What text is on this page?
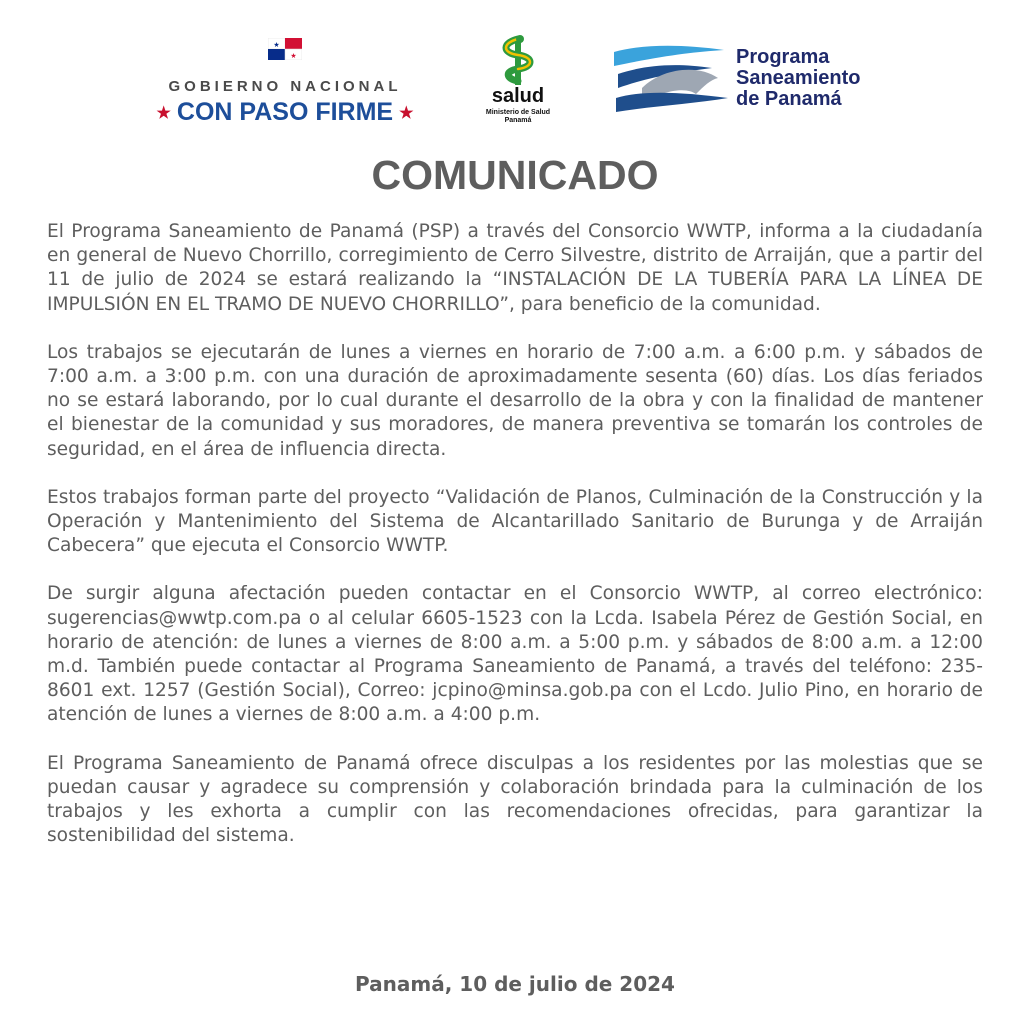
★
★
GOBIERNO NACIONAL
★ CON PASO FIRME ★
salud
Ministerio de Salud
Panamá
Programa
Saneamiento
de Panamá
COMUNICADO

El Programa Saneamiento de Panamá (PSP) a través del Consorcio WWTP, informa a la ciudadanía en general de Nuevo Chorrillo, corregimiento de Cerro Silvestre, distrito de Arraiján, que a partir del 11 de julio de 2024 se estará realizando la “INSTALACIÓN DE LA TUBERÍA PARA LA LÍNEA DE IMPULSIÓN EN EL TRAMO DE NUEVO CHORRILLO”, para beneficio de la comunidad.

Los trabajos se ejecutarán de lunes a viernes en horario de 7:00 a.m. a 6:00 p.m. y sábados de 7:00 a.m. a 3:00 p.m. con una duración de aproximadamente sesenta (60) días. Los días feriados no se estará laborando, por lo cual durante el desarrollo de la obra y con la finalidad de mantener el bienestar de la comunidad y sus moradores, de manera preventiva se tomarán los controles de seguridad, en el área de influencia directa.

Estos trabajos forman parte del proyecto “Validación de Planos, Culminación de la Construcción y la Operación y Mantenimiento del Sistema de Alcantarillado Sanitario de Burunga y de Arraiján Cabecera” que ejecuta el Consorcio WWTP.

De surgir alguna afectación pueden contactar en el Consorcio WWTP, al correo electrónico: sugerencias@wwtp.com.pa o al celular 6605-1523 con la Lcda. Isabela Pérez de Gestión Social, en horario de atención: de lunes a viernes de 8:00 a.m. a 5:00 p.m. y sábados de 8:00 a.m. a 12:00 m.d. También puede contactar al Programa Saneamiento de Panamá, a través del teléfono: 235-8601 ext. 1257 (Gestión Social), Correo: jcpino@minsa.gob.pa con el Lcdo. Julio Pino, en horario de atención de lunes a viernes de 8:00 a.m. a 4:00 p.m.

El Programa Saneamiento de Panamá ofrece disculpas a los residentes por las molestias que se puedan causar y agradece su comprensión y colaboración brindada para la culminación de los trabajos y les exhorta a cumplir con las recomendaciones ofrecidas, para garantizar la sostenibilidad del sistema.

Panamá, 10 de julio de 2024
